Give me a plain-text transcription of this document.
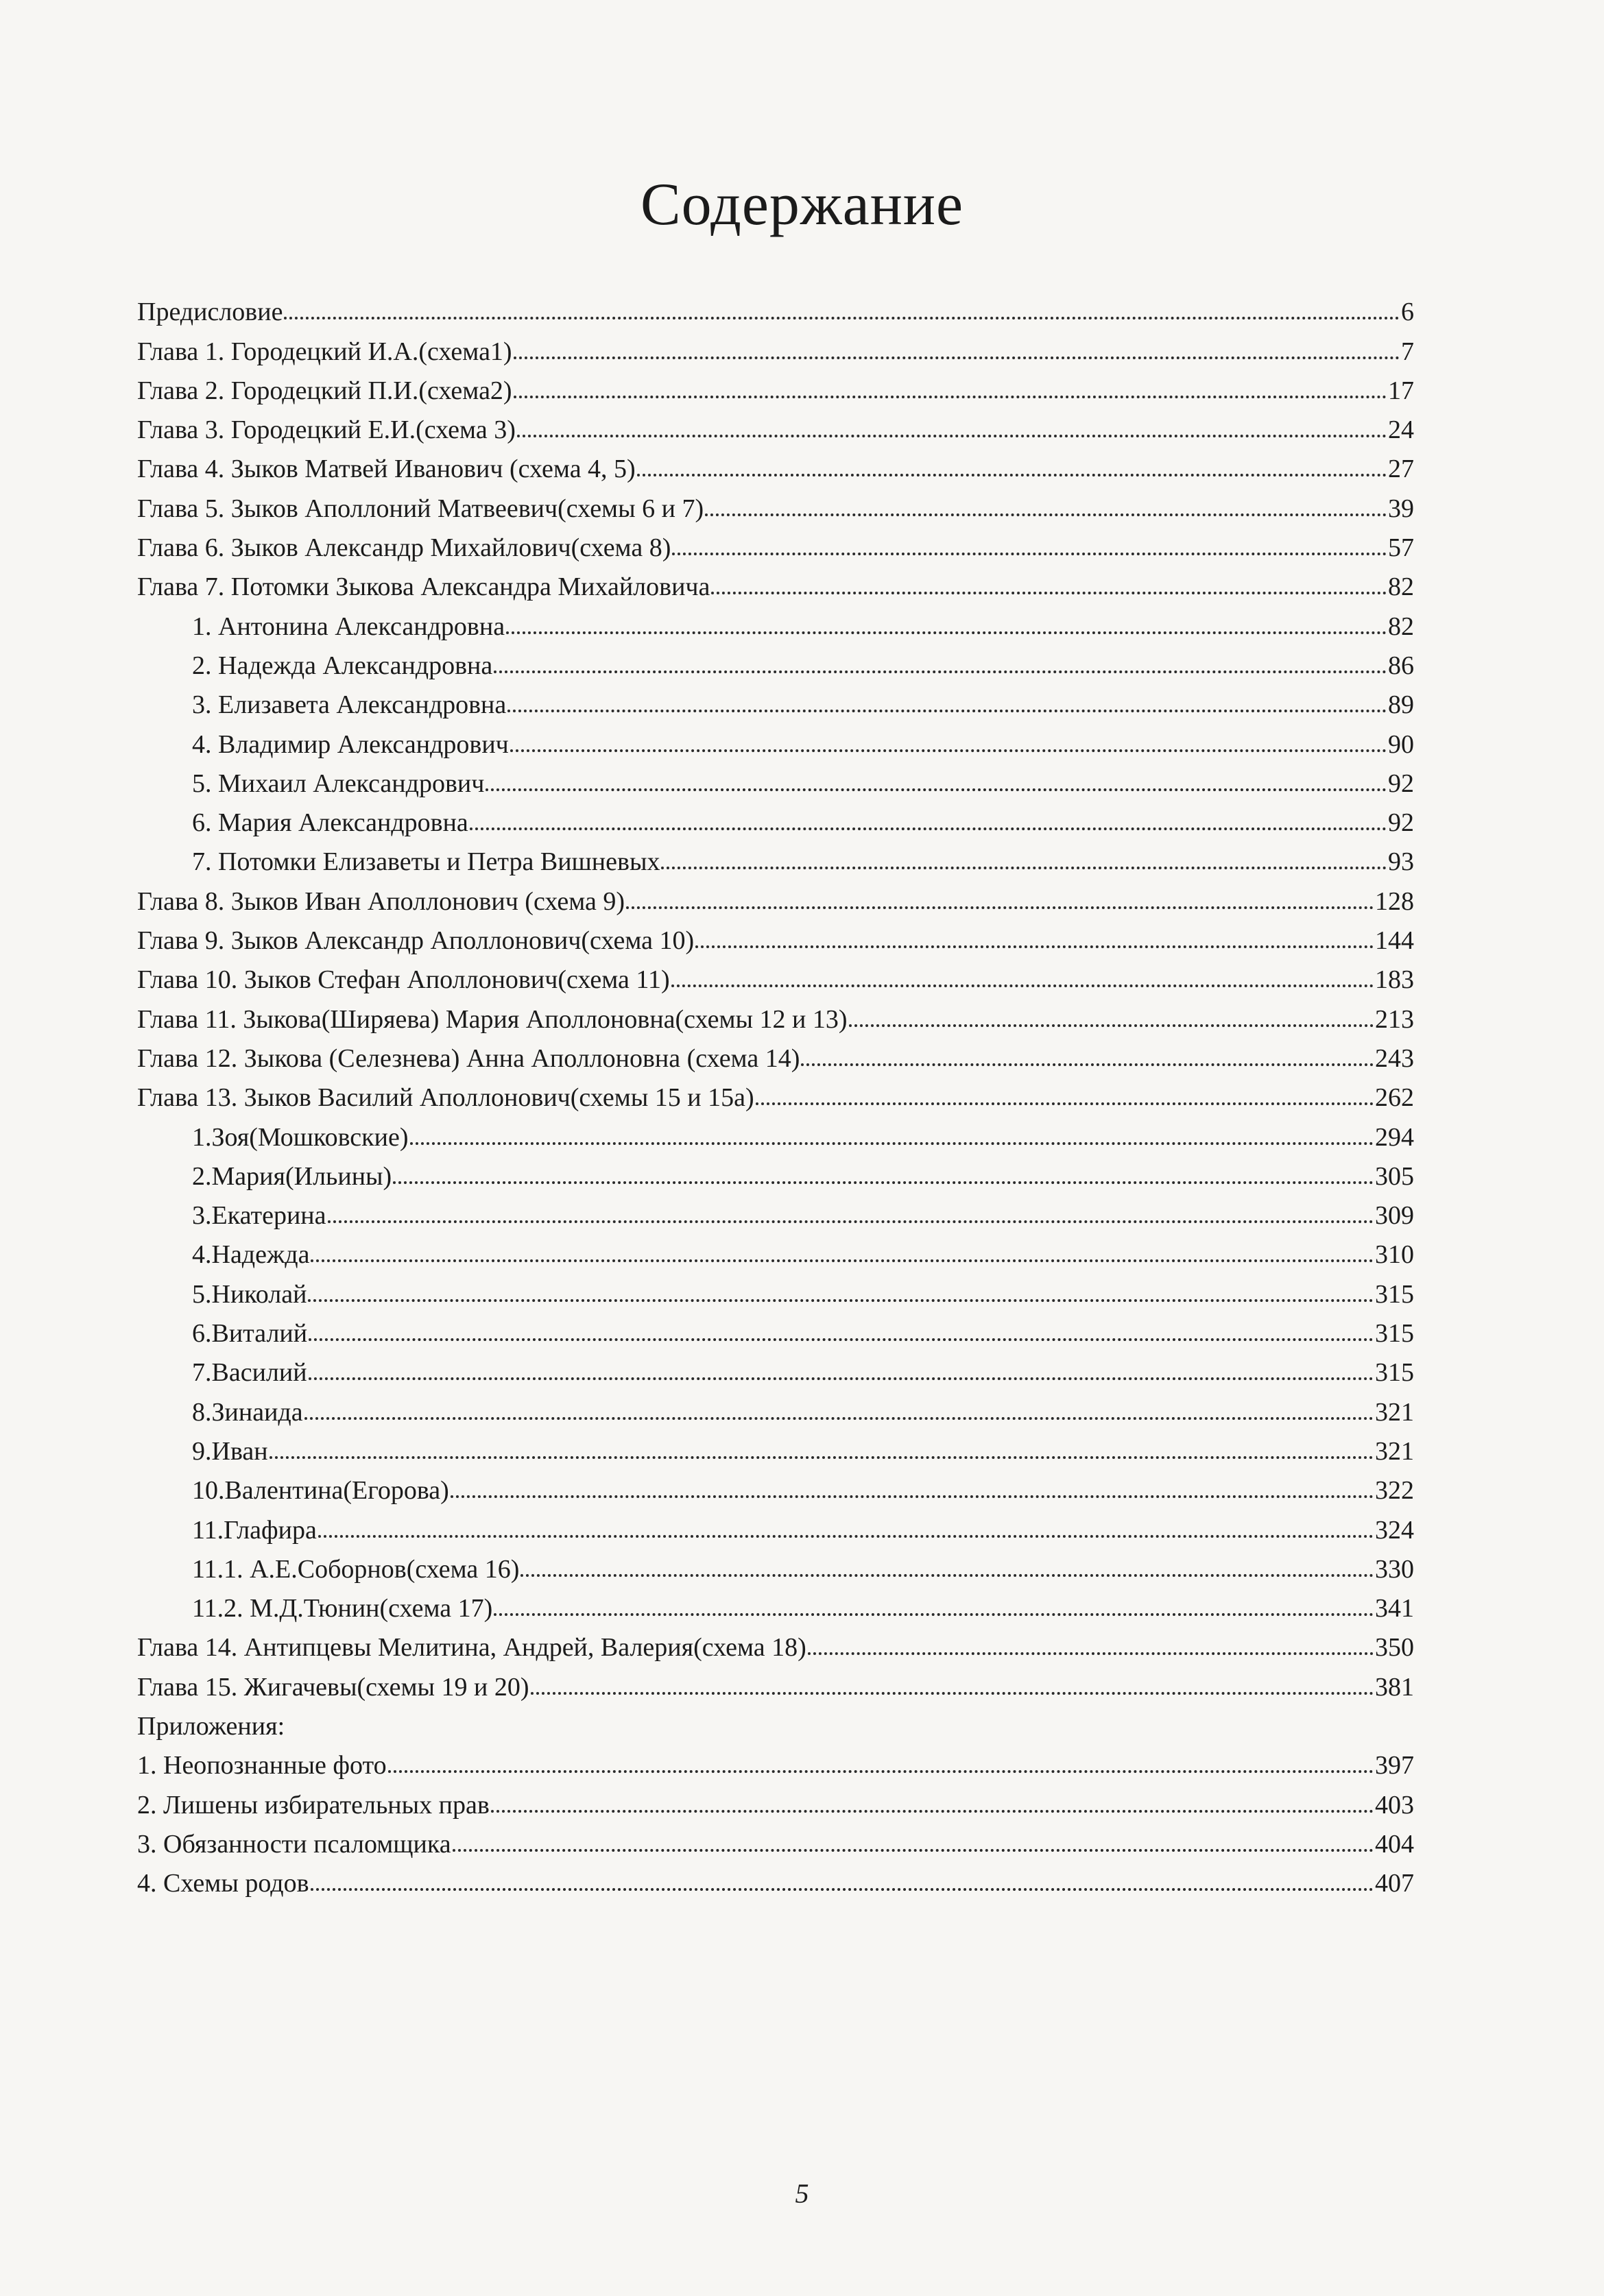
Содержание
Предисловие	6
Глава 1. Городецкий И.А.(схема1)	7
Глава 2. Городецкий П.И.(схема2)	17
Глава 3. Городецкий Е.И.(схема 3)	24
Глава 4. Зыков Матвей Иванович (схема 4, 5)	27
Глава 5. Зыков Аполлоний Матвеевич(схемы 6 и 7)	39
Глава 6. Зыков Александр Михайлович(схема 8)	57
Глава 7. Потомки Зыкова Александра Михайловича	82
1. Антонина Александровна	82
2. Надежда Александровна	86
3. Елизавета Александровна	89
4. Владимир Александрович	90
5. Михаил Александрович	92
6. Мария Александровна	92
7. Потомки Елизаветы и Петра Вишневых	93
Глава 8. Зыков Иван Аполлонович (схема 9)	128
Глава 9. Зыков Александр Аполлонович(схема 10)	144
Глава 10. Зыков Стефан Аполлонович(схема 11)	183
Глава 11. Зыкова(Ширяева) Мария Аполлоновна(схемы 12 и 13)	213
Глава 12. Зыкова (Селезнева) Анна Аполлоновна (схема 14)	243
Глава 13. Зыков Василий Аполлонович(схемы 15 и 15а)	262
1.Зоя(Мошковские)	294
2.Мария(Ильины)	305
3.Екатерина	309
4.Надежда	310
5.Николай	315
6.Виталий	315
7.Василий	315
8.Зинаида	321
9.Иван	321
10.Валентина(Егорова)	322
11.Глафира	324
11.1. А.Е.Соборнов(схема 16)	330
11.2. М.Д.Тюнин(схема 17)	341
Глава 14. Антипцевы Мелитина, Андрей, Валерия(схема 18)	350
Глава 15. Жигачевы(схемы 19 и 20)	381
Приложения:
1. Неопознанные фото	397
2. Лишены избирательных прав	403
3. Обязанности псаломщика	404
4. Схемы родов	407

5
